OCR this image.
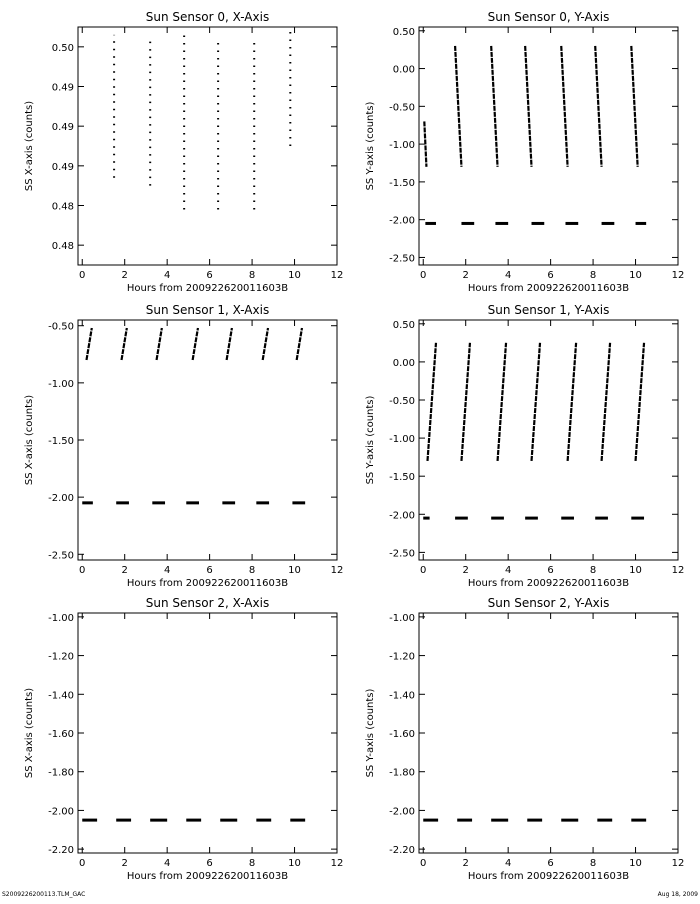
S2009226200113.TLM_GAC	Aug 18, 2009
Sun Sensor 0, X-Axis
0	2	4	6	8	10	12
0.48
0.48
0.49
0.49
0.49
0.50
Hours from 200922620011603B
SS X-axis (counts)
Sun Sensor 0, Y-Axis
0	2	4	6	8	10	12
-2.50
-2.00
-1.50
-1.00
-0.50
0.00
0.50
Hours from 200922620011603B
SS Y-axis (counts)
Sun Sensor 1, X-Axis
0	2	4	6	8	10	12
-2.50
-2.00
-1.50
-1.00
-0.50
Hours from 200922620011603B
SS X-axis (counts)
Sun Sensor 1, Y-Axis
0	2	4	6	8	10	12
-2.50
-2.00
-1.50
-1.00
-0.50
0.00
0.50
Hours from 200922620011603B
SS Y-axis (counts)
Sun Sensor 2, X-Axis
0	2	4	6	8	10	12
-2.20
-2.00
-1.80
-1.60
-1.40
-1.20
-1.00
Hours from 200922620011603B
SS X-axis (counts)
Sun Sensor 2, Y-Axis
0	2	4	6	8	10	12
-2.20
-2.00
-1.80
-1.60
-1.40
-1.20
-1.00
Hours from 200922620011603B
SS Y-axis (counts)
